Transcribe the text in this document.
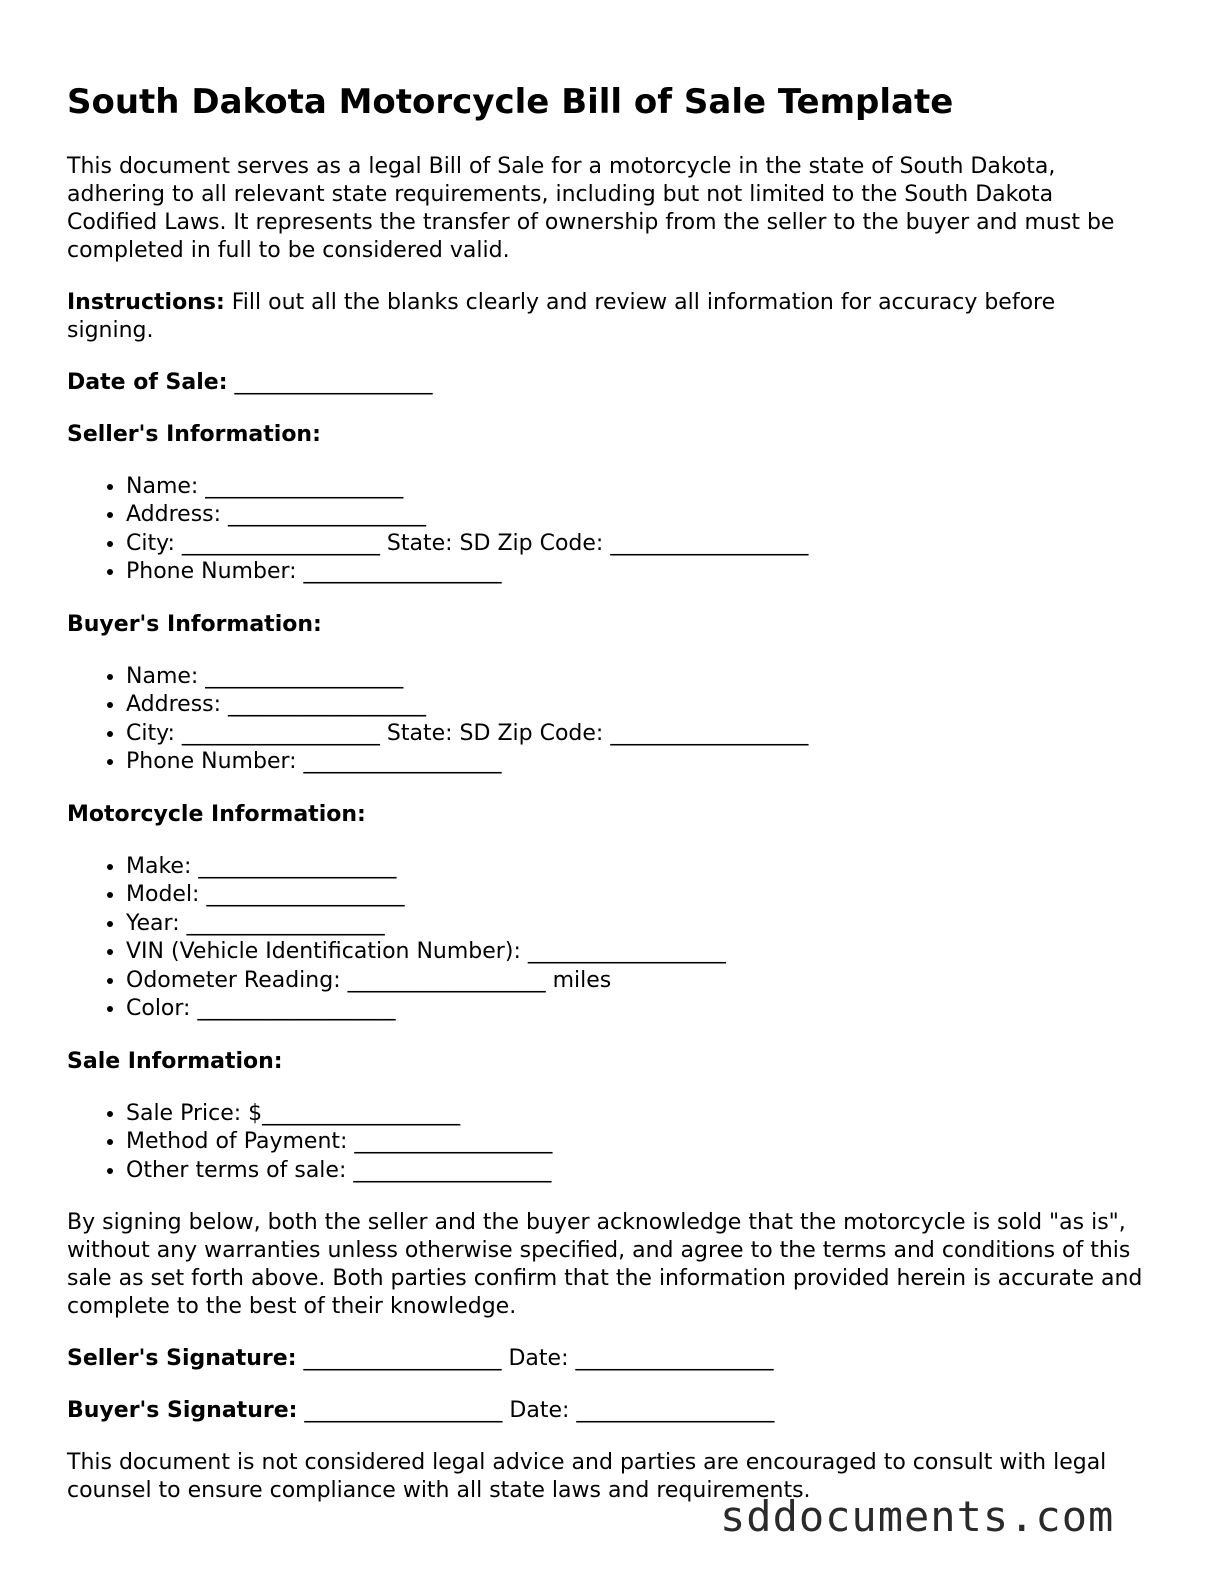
South Dakota Motorcycle Bill of Sale Template

This document serves as a legal Bill of Sale for a motorcycle in the state of South Dakota, adhering to all relevant state requirements, including but not limited to the South Dakota Codified Laws. It represents the transfer of ownership from the seller to the buyer and must be completed in full to be considered valid.

Instructions: Fill out all the blanks clearly and review all information for accuracy before signing.

Date of Sale: __________________

Seller's Information:

• Name: __________________
• Address: __________________
• City: __________________ State: SD Zip Code: __________________
• Phone Number: __________________

Buyer's Information:

• Name: __________________
• Address: __________________
• City: __________________ State: SD Zip Code: __________________
• Phone Number: __________________

Motorcycle Information:

• Make: __________________
• Model: __________________
• Year: __________________
• VIN (Vehicle Identification Number): __________________
• Odometer Reading: __________________ miles
• Color: __________________

Sale Information:

• Sale Price: $__________________
• Method of Payment: __________________
• Other terms of sale: __________________

By signing below, both the seller and the buyer acknowledge that the motorcycle is sold "as is", without any warranties unless otherwise specified, and agree to the terms and conditions of this sale as set forth above. Both parties confirm that the information provided herein is accurate and complete to the best of their knowledge.

Seller's Signature: __________________ Date: __________________

Buyer's Signature: __________________ Date: __________________

This document is not considered legal advice and parties are encouraged to consult with legal counsel to ensure compliance with all state laws and requirements.

sddocuments.com
